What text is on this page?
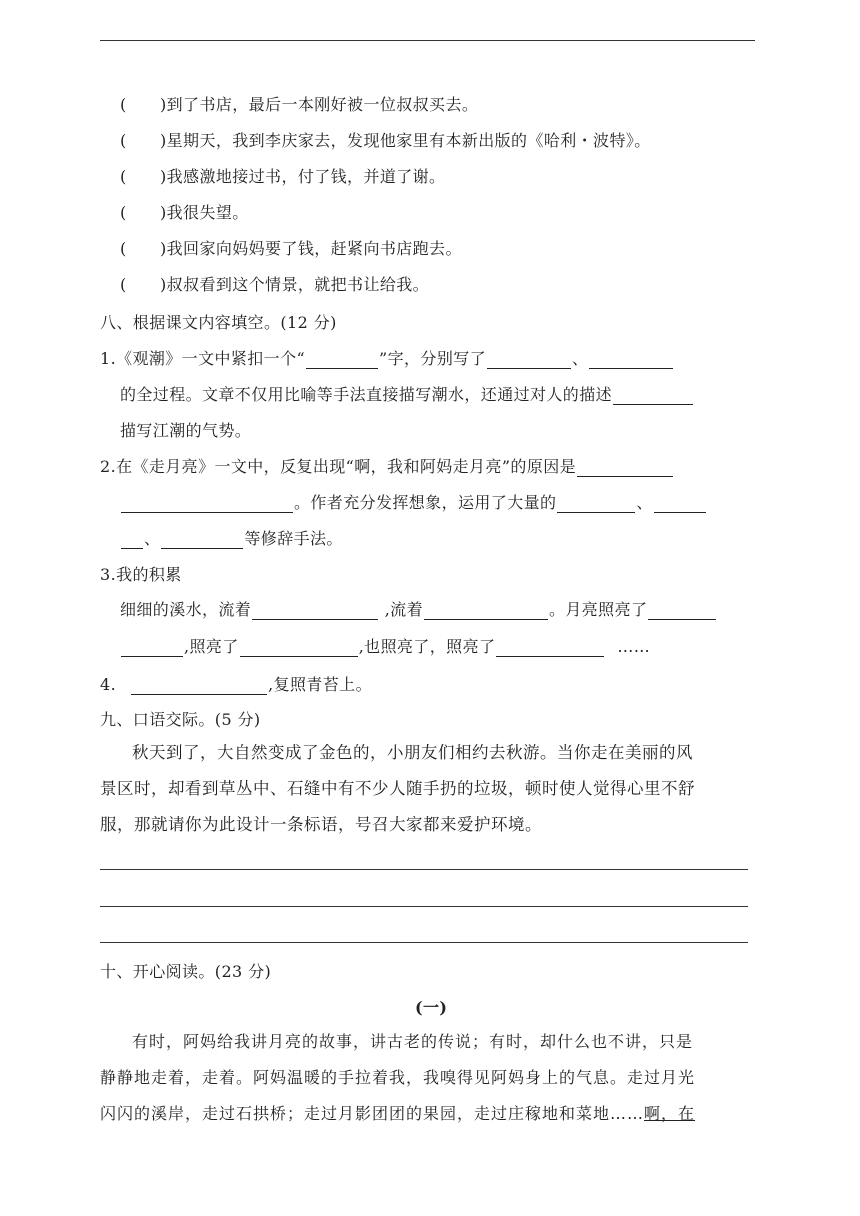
( )到了书店，最后一本刚好被一位叔叔买去。
( )星期天，我到李庆家去，发现他家里有本新出版的《哈利・波特》。
( )我感激地接过书，付了钱，并道了谢。
( )我很失望。
( )我回家向妈妈要了钱，赶紧向书店跑去。
( )叔叔看到这个情景，就把书让给我。
八、根据课文内容填空。(12 分)
1.《观潮》一文中紧扣一个“	”字，分别写了	、
的全过程。文章不仅用比喻等手法直接描写潮水，还通过对人的描述
描写江潮的气势。
2.在《走月亮》一文中，反复出现“啊，我和阿妈走月亮”的原因是
。作者充分发挥想象，运用了大量的	、
、	等修辞手法。
3.我的积累
细细的溪水，流着	,流着	。月亮照亮了
,照亮了	,也照亮了，照亮了	……
4.	,复照青苔上。
九、口语交际。(5 分)
秋天到了，大自然变成了金色的，小朋友们相约去秋游。当你走在美丽的风
景区时，却看到草丛中、石缝中有不少人随手扔的垃圾，顿时使人觉得心里不舒
服，那就请你为此设计一条标语，号召大家都来爱护环境。
十、开心阅读。(23 分)
(一)
有时，阿妈给我讲月亮的故事，讲古老的传说；有时，却什么也不讲，只是
静静地走着，走着。阿妈温暖的手拉着我，我嗅得见阿妈身上的气息。走过月光
闪闪的溪岸，走过石拱桥；走过月影团团的果园，走过庄稼地和菜地……啊，在
